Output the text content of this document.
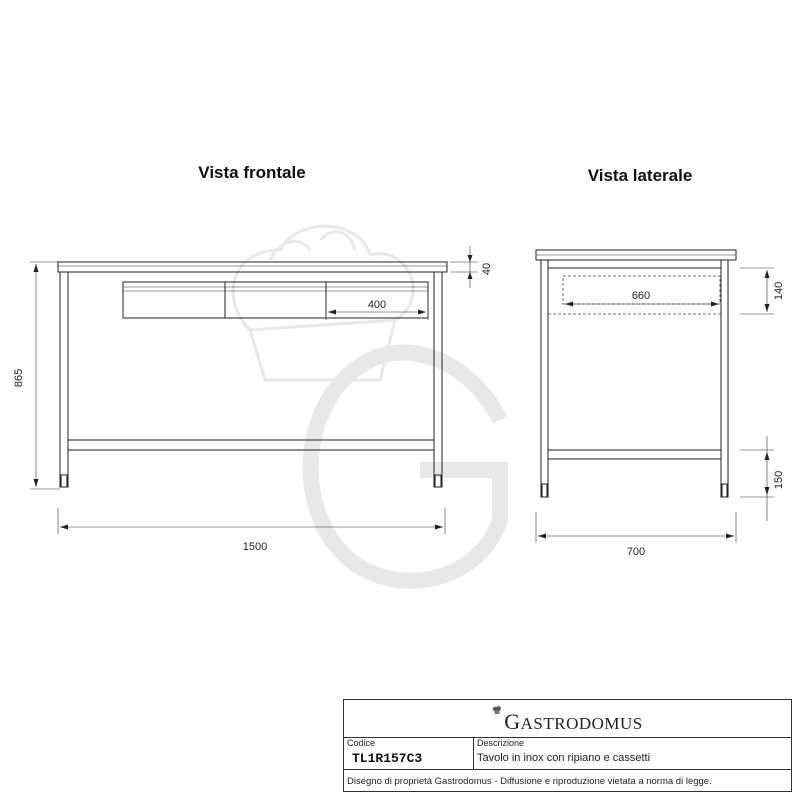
Vista frontale
865
40
400
1500
Vista laterale
660	140
150
700
GASTRODOMUS
Codice
TL1R157C3
Descrizione
Tavolo in inox con ripiano e cassetti
Disegno di proprietà Gastrodomus - Diffusione e riproduzione vietata a norma di legge.
